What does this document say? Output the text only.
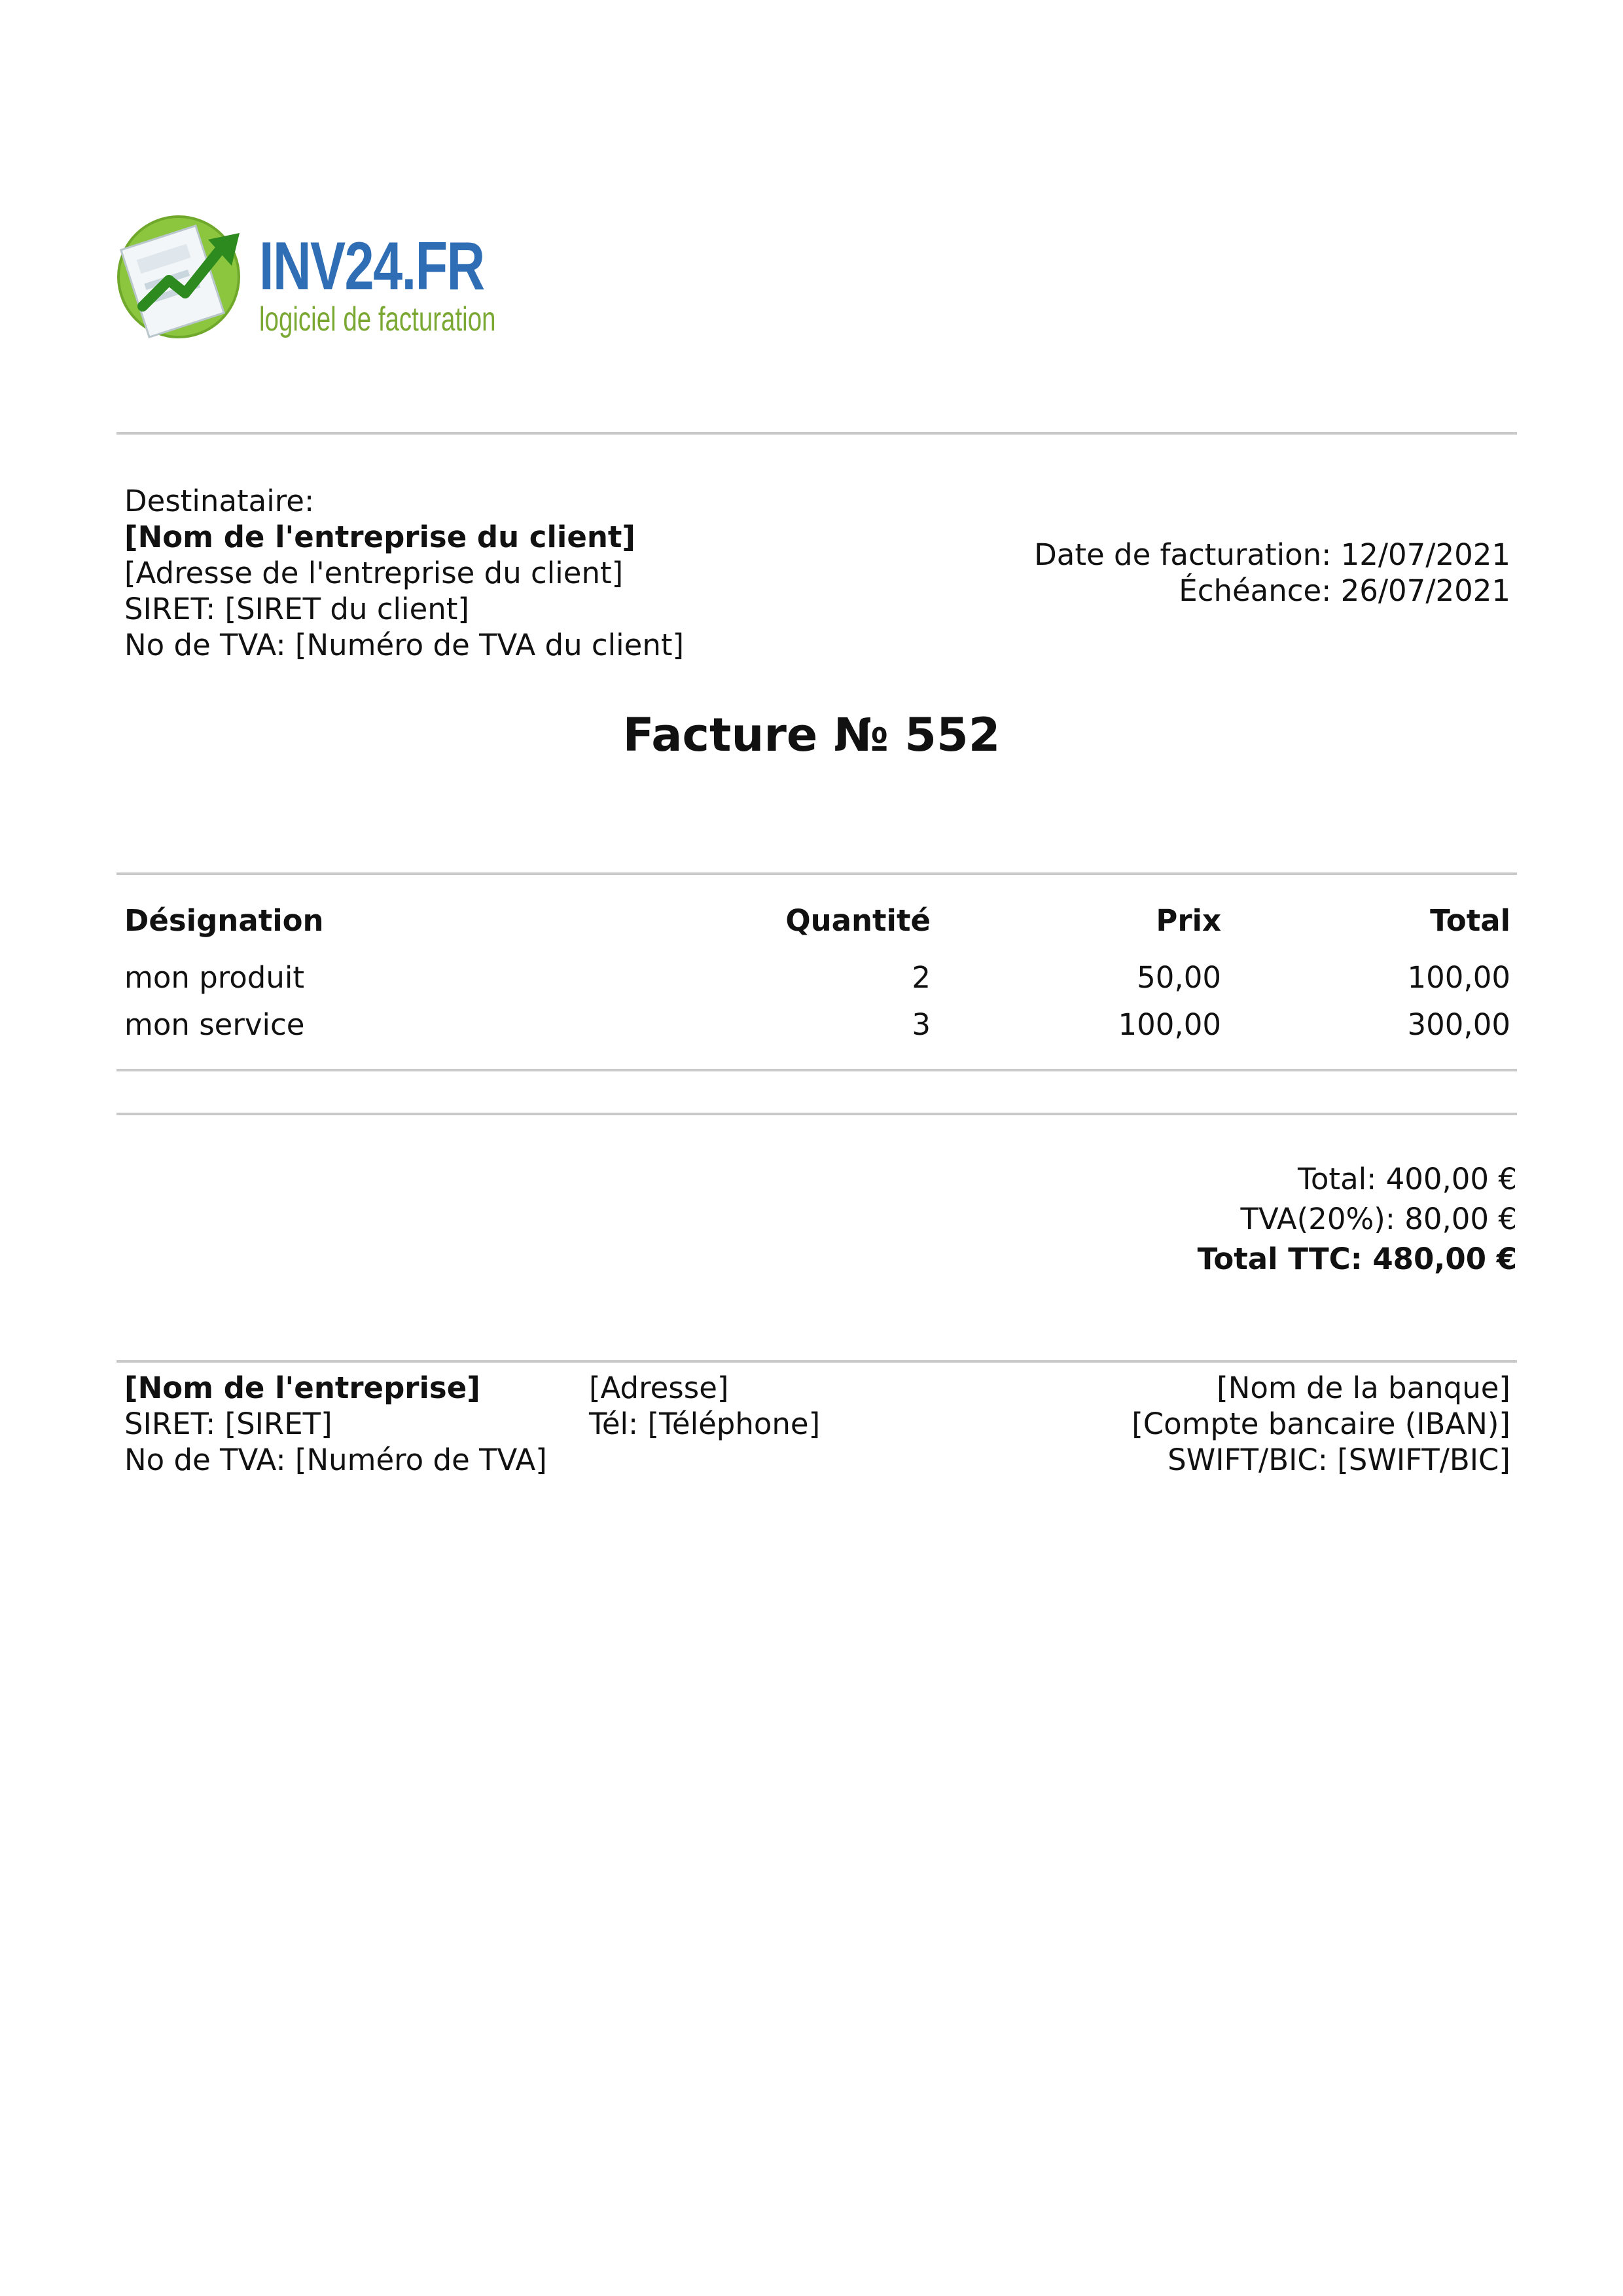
INV24.FR
logiciel de facturation
Destinataire:
[Nom de l'entreprise du client]
[Adresse de l'entreprise du client]
SIRET: [SIRET du client]
No de TVA: [Numéro de TVA du client]
Date de facturation: 12/07/2021
Échéance: 26/07/2021
Facture № 552
Désignation	Quantité	Prix	Total
mon produit	2	50,00	100,00
mon service	3	100,00	300,00
Total: 400,00 €
TVA(20%): 80,00 €
Total TTC: 480,00 €
[Nom de l'entreprise]
SIRET: [SIRET]
No de TVA: [Numéro de TVA]
[Adresse]
Tél: [Téléphone]
[Nom de la banque]
[Compte bancaire (IBAN)]
SWIFT/BIC: [SWIFT/BIC]
